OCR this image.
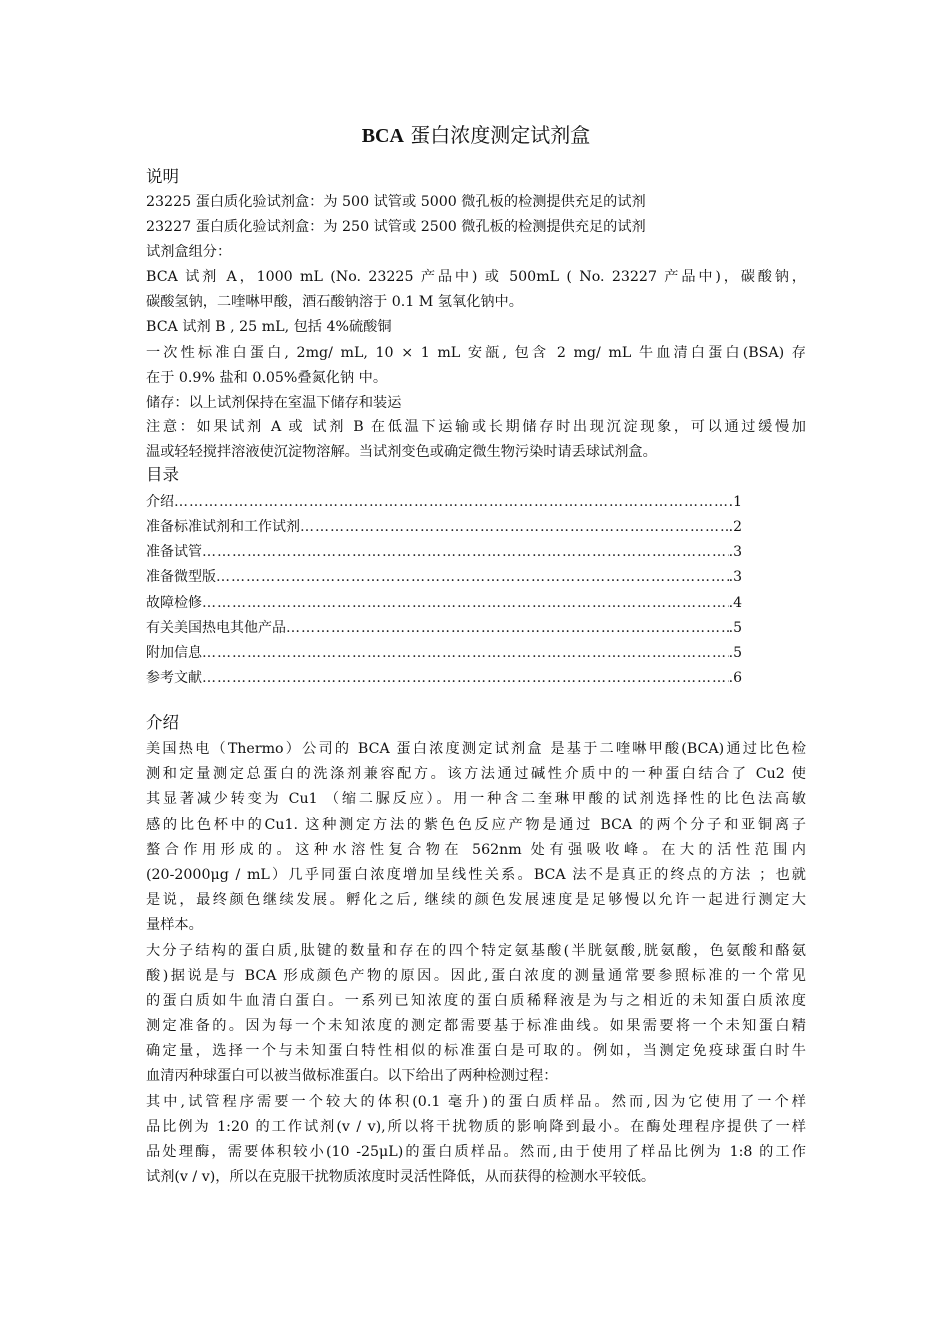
BCA 蛋白浓度测定试剂盒
说明
23225 蛋白质化验试剂盒：为 500 试管或 5000 微孔板的检测提供充足的试剂
23227 蛋白质化验试剂盒：为 250 试管或 2500 微孔板的检测提供充足的试剂
试剂盒组分：
BCA 试剂 A，1000 mL (No. 23225 产品中) 或 500mL ( No. 23227 产品中)，碳酸钠，
碳酸氢钠，二喹啉甲酸，酒石酸钠溶于 0.1 M 氢氧化钠中。
BCA 试剂 B , 25 mL, 包括 4%硫酸铜
一次性标准白蛋白, 2mg/ mL, 10 × 1 mL 安瓿, 包含 2 mg/ mL 牛血清白蛋白(BSA) 存
在于 0.9% 盐和 0.05%叠氮化钠 中。
储存：以上试剂保持在室温下储存和装运
注意：如果试剂 A 或 试剂 B 在低温下运输或长期储存时出现沉淀现象，可以通过缓慢加
温或轻轻搅拌溶液使沉淀物溶解。当试剂变色或确定微生物污染时请丢球试剂盒。
目录
介绍 …………………………………………………………………………………………………………………………………………………………………………	.1
准备标准试剂和工作试剂 …………………………………………………………………………………………………………………………………………………………………………	.2
准备试管 …………………………………………………………………………………………………………………………………………………………………………	.3
准备微型版 …………………………………………………………………………………………………………………………………………………………………………	.3
故障检修 …………………………………………………………………………………………………………………………………………………………………………	.4
有关美国热电其他产品 …………………………………………………………………………………………………………………………………………………………………………	.5
附加信息 …………………………………………………………………………………………………………………………………………………………………………	.5
参考文献 …………………………………………………………………………………………………………………………………………………………………………	.6
介绍
美国热电（Thermo）公司的 BCA 蛋白浓度测定试剂盒 是基于二喹啉甲酸(BCA)通过比色检
测和定量测定总蛋白的洗涤剂兼容配方。该方法通过碱性介质中的一种蛋白结合了 Cu2 使
其显著减少转变为 Cu1 （缩二脲反应）。用一种含二奎琳甲酸的试剂选择性的比色法高敏
感的比色杯中的Cu1. 这种测定方法的紫色色反应产物是通过 BCA 的两个分子和亚铜离子
螯合作用形成的。这种水溶性复合物在 562nm 处有强吸收峰。在大的活性范围内
(20-2000μg / mL）几乎同蛋白浓度增加呈线性关系。BCA 法不是真正的终点的方法 ；也就
是说，最终颜色继续发展。孵化之后, 继续的颜色发展速度是足够慢以允许一起进行测定大
量样本。
大分子结构的蛋白质,肽键的数量和存在的四个特定氨基酸(半胱氨酸,胱氨酸，色氨酸和酪氨
酸)据说是与 BCA 形成颜色产物的原因。因此,蛋白浓度的测量通常要参照标准的一个常见
的蛋白质如牛血清白蛋白。一系列已知浓度的蛋白质稀释液是为与之相近的未知蛋白质浓度
测定准备的。因为每一个未知浓度的测定都需要基于标准曲线。如果需要将一个未知蛋白精
确定量，选择一个与未知蛋白特性相似的标准蛋白是可取的。例如，当测定免疫球蛋白时牛
血清丙种球蛋白可以被当做标准蛋白。以下给出了两种检测过程：
其中,试管程序需要一个较大的体积(0.1 毫升)的蛋白质样品。然而,因为它使用了一个样
品比例为 1:20 的工作试剂(v / v),所以将干扰物质的影响降到最小。在酶处理程序提供了一样
品处理酶，需要体积较小(10 -25μL)的蛋白质样品。然而,由于使用了样品比例为 1:8 的工作
试剂(v / v)，所以在克服干扰物质浓度时灵活性降低，从而获得的检测水平较低。
